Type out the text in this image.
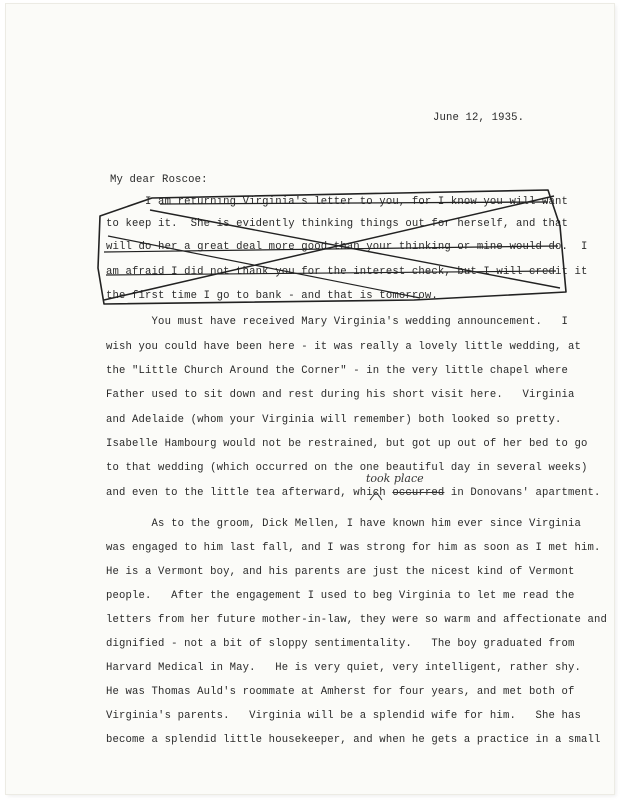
June 12, 1935.
My dear Roscoe:
I am returning Virginia's letter to you, for I know you will want
to keep it.  She is evidently thinking things out for herself, and that
will do her a great deal more good than your thinking or mine would do.  I
am afraid I did not thank you for the interest check, but I will credit it
the first time I go to bank - and that is tomorrow.
You must have received Mary Virginia's wedding announcement.   I
wish you could have been here - it was really a lovely little wedding, at
the "Little Church Around the Corner" - in the very little chapel where
Father used to sit down and rest during his short visit here.   Virginia
and Adelaide (whom your Virginia will remember) both looked so pretty.
Isabelle Hambourg would not be restrained, but got up out of her bed to go
to that wedding (which occurred on the one beautiful day in several weeks)
and even to the little tea afterward, which occurred in Donovans' apartment.
took place
As to the groom, Dick Mellen, I have known him ever since Virginia
was engaged to him last fall, and I was strong for him as soon as I met him.
He is a Vermont boy, and his parents are just the nicest kind of Vermont
people.   After the engagement I used to beg Virginia to let me read the
letters from her future mother-in-law, they were so warm and affectionate and
dignified - not a bit of sloppy sentimentality.   The boy graduated from
Harvard Medical in May.   He is very quiet, very intelligent, rather shy.
He was Thomas Auld's roommate at Amherst for four years, and met both of
Virginia's parents.   Virginia will be a splendid wife for him.   She has
become a splendid little housekeeper, and when he gets a practice in a small
